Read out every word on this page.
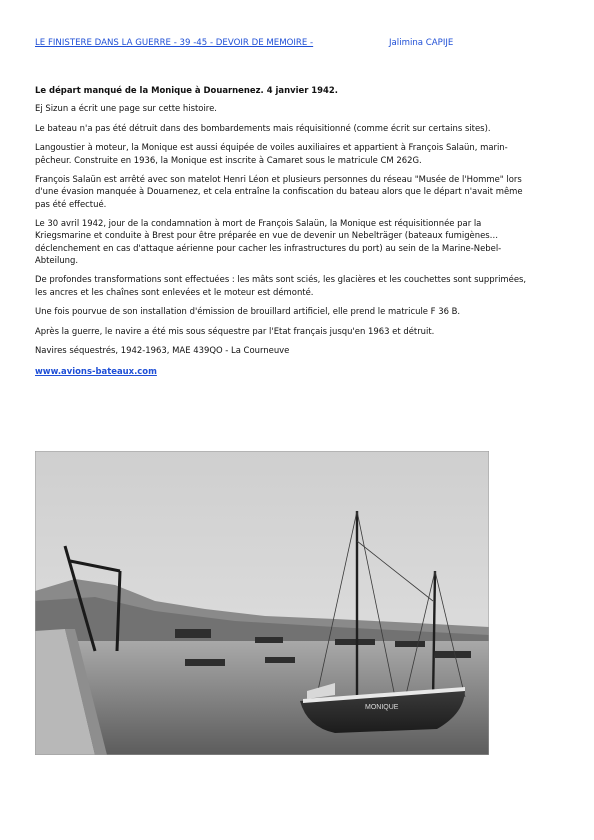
LE FINISTERE DANS LA GUERRE - 39 -45 - DEVOIR DE MEMOIRE -	Jalimina CAPIJE

Le départ manqué de la Monique à Douarnenez. 4 janvier 1942.

Ej Sizun a écrit une page sur cette histoire.

Le bateau n'a pas été détruit dans des bombardements mais réquisitionné (comme écrit sur certains sites).

Langoustier à moteur, la Monique est aussi équipée de voiles auxiliaires et appartient à François Salaün, marin-pêcheur. Construite en 1936, la Monique est inscrite à Camaret sous le matricule CM 262G.

François Salaün est arrêté avec son matelot Henri Léon et plusieurs personnes du réseau "Musée de l'Homme" lors d'une évasion manquée à Douarnenez, et cela entraîne la confiscation du bateau alors que le départ n'avait même pas été effectué.

Le 30 avril 1942, jour de la condamnation à mort de François Salaün, la Monique est réquisitionnée par la Kriegsmarine et conduite à Brest pour être préparée en vue de devenir un Nebelträger (bateaux fumigènes… déclenchement en cas d'attaque aérienne pour cacher les infrastructures du port) au sein de la Marine-Nebel-Abteilung.

De profondes transformations sont effectuées : les mâts sont sciés, les glacières et les couchettes sont supprimées, les ancres et les chaînes sont enlevées et le moteur est démonté.

Une fois pourvue de son installation d'émission de brouillard artificiel, elle prend le matricule F 36 B.

Après la guerre, le navire a été mis sous séquestre par l'Etat français jusqu'en 1963 et détruit.

Navires séquestrés, 1942-1963, MAE 439QO - La Courneuve

www.avions-bateaux.com
MONIQUE
